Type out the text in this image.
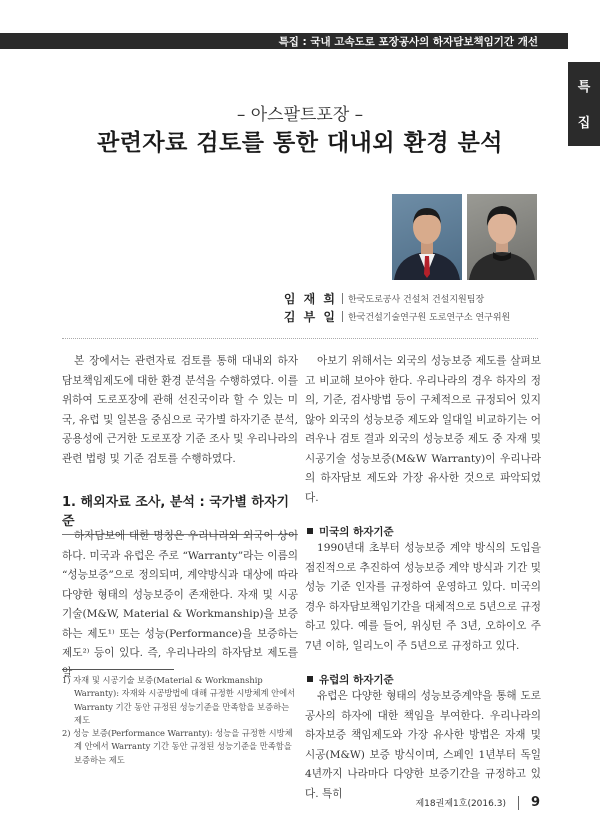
특집 : 국내 고속도로 포장공사의 하자담보책임기간 개선
특
집
– 아스팔트포장 –
관련자료 검토를 통한 대내외 환경 분석
임 재 희 한국도로공사 건설처 건설지원팀장
김 부 일 한국건설기술연구원 도로연구소 연구위원

본 장에서는 관련자료 검토를 통해 대내외 하자담보책임제도에 대한 환경 분석을 수행하였다. 이를 위하여 도로포장에 관해 선진국이라 할 수 있는 미국, 유럽 및 일본을 중심으로 국가별 하자기준 분석, 공용성에 근거한 도로포장 기준 조사 및 우리나라의 관련 법령 및 기준 검토를 수행하였다.

1. 해외자료 조사, 분석 : 국가별 하자기준

하자담보에 대한 명칭은 우리나라와 외국이 상이하다. 미국과 유럽은 주로 “Warranty”라는 이름의 “성능보증”으로 정의되며, 계약방식과 대상에 따라 다양한 형태의 성능보증이 존재한다. 자재 및 시공기술(M&W, Material & Workmanship)을 보증하는 제도¹⁾ 또는 성능(Performance)을 보증하는 제도²⁾ 등이 있다. 즉, 우리나라의 하자담보 제도를 알

1) 자재 및 시공기술 보증(Material & Workmanship Warranty): 자재와 시공방법에 대해 규정한 시방체계 안에서 Warranty 기간 동안 규정된 성능기준을 만족함을 보증하는 제도
2) 성능 보증(Performance Warranty): 성능을 규정한 시방체계 안에서 Warranty 기간 동안 규정된 성능기준을 만족함을 보증하는 제도

아보기 위해서는 외국의 성능보증 제도를 살펴보고 비교해 보아야 한다. 우리나라의 경우 하자의 정의, 기준, 검사방법 등이 구체적으로 규정되어 있지 않아 외국의 성능보증 제도와 일대일 비교하기는 어려우나 검토 결과 외국의 성능보증 제도 중 자재 및 시공기술 성능보증(M&W Warranty)이 우리나라의 하자담보 제도와 가장 유사한 것으로 파악되었다.

미국의 하자기준

1990년대 초부터 성능보증 계약 방식의 도입을 점진적으로 추진하여 성능보증 계약 방식과 기간 및 성능 기준 인자를 규정하여 운영하고 있다. 미국의 경우 하자담보책임기간을 대체적으로 5년으로 규정하고 있다. 예를 들어, 위싱턴 주 3년, 오하이오 주 7년 이하, 일리노이 주 5년으로 규정하고 있다.

유럽의 하자기준

유럽은 다양한 형태의 성능보증계약을 통해 도로공사의 하자에 대한 책임을 부여한다. 우리나라의 하자보증 책임제도와 가장 유사한 방법은 자재 및 시공(M&W) 보증 방식이며, 스페인 1년부터 독일 4년까지 나라마다 다양한 보증기간을 규정하고 있다. 특히

제18권제1호(2016.3) 9
